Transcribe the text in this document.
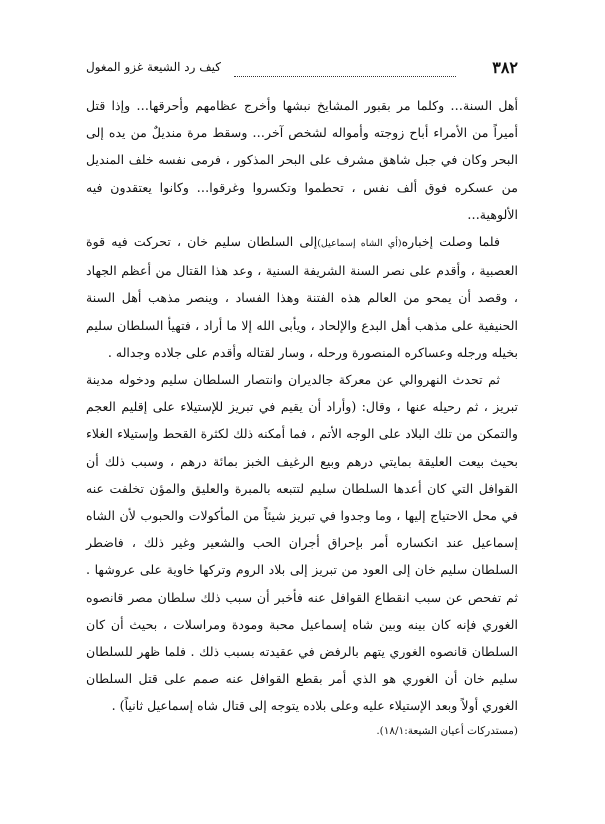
٣٨٢
كيف رد الشيعة غزو المغول

أهل السنة… وكلما مر بقبور المشايخ نبشها وأخرج عظامهم وأحرقها… وإذا قتل أميراً من الأمراء أباح زوجته وأمواله لشخص آخر… وسقط مرة منديلٌ من يده إلى البحر وكان في جبل شاهق مشرف على البحر المذكور ، فرمى نفسه خلف المنديل من عسكره فوق ألف نفس ، تحطموا وتكسروا وغرقوا… وكانوا يعتقدون فيه الألوهية…

فلما وصلت إخباره(أي الشاه إسماعيل)إلى السلطان سليم خان ، تحركت فيه قوة العصبية ، وأقدم على نصر السنة الشريفة السنية ، وعد هذا القتال من أعظم الجهاد ، وقصد أن يمحو من العالم هذه الفتنة وهذا الفساد ، وينصر مذهب أهل السنة الحنيفية على مذهب أهل البدع والإلحاد ، ويأبى الله إلا ما أراد ، فتهيأ السلطان سليم بخيله ورجله وعساكره المنصورة ورحله ، وسار لقتاله وأقدم على جلاده وجداله .

ثم تحدث النهروالي عن معركة جالديران وانتصار السلطان سليم ودخوله مدينة تبريز ، ثم رحيله عنها ، وقال: (وأراد أن يقيم في تبريز للإستيلاء على إقليم العجم والتمكن من تلك البلاد على الوجه الأتم ، فما أمكنه ذلك لكثرة القحط وإستيلاء الغلاء بحيث بيعت العليقة بمايتي درهم وبيع الرغيف الخبز بمائة درهم ، وسبب ذلك أن القوافل التي كان أعدها السلطان سليم لتتبعه بالمبرة والعليق والمؤن تخلفت عنه في محل الاحتياج إليها ، وما وجدوا في تبريز شيئاً من المأكولات والحبوب لأن الشاه إسماعيل عند انكساره أمر بإحراق أجران الحب والشعير وغير ذلك ، فاضطر السلطان سليم خان إلى العود من تبريز إلى بلاد الروم وتركها خاوية على عروشها . ثم تفحص عن سبب انقطاع القوافل عنه فأخبر أن سبب ذلك سلطان مصر قانصوه الغوري فإنه كان بينه وبين شاه إسماعيل محبة ومودة ومراسلات ، بحيث أن كان السلطان قانصوه الغوري يتهم بالرفض في عقيدته بسبب ذلك . فلما ظهر للسلطان سليم خان أن الغوري هو الذي أمر بقطع القوافل عنه صمم على قتل السلطان الغوري أولاً وبعد الإستيلاء عليه وعلى بلاده يتوجه إلى قتال شاه إسماعيل ثانياً) .

(مستدركات أعيان الشيعة:١٨/١).
